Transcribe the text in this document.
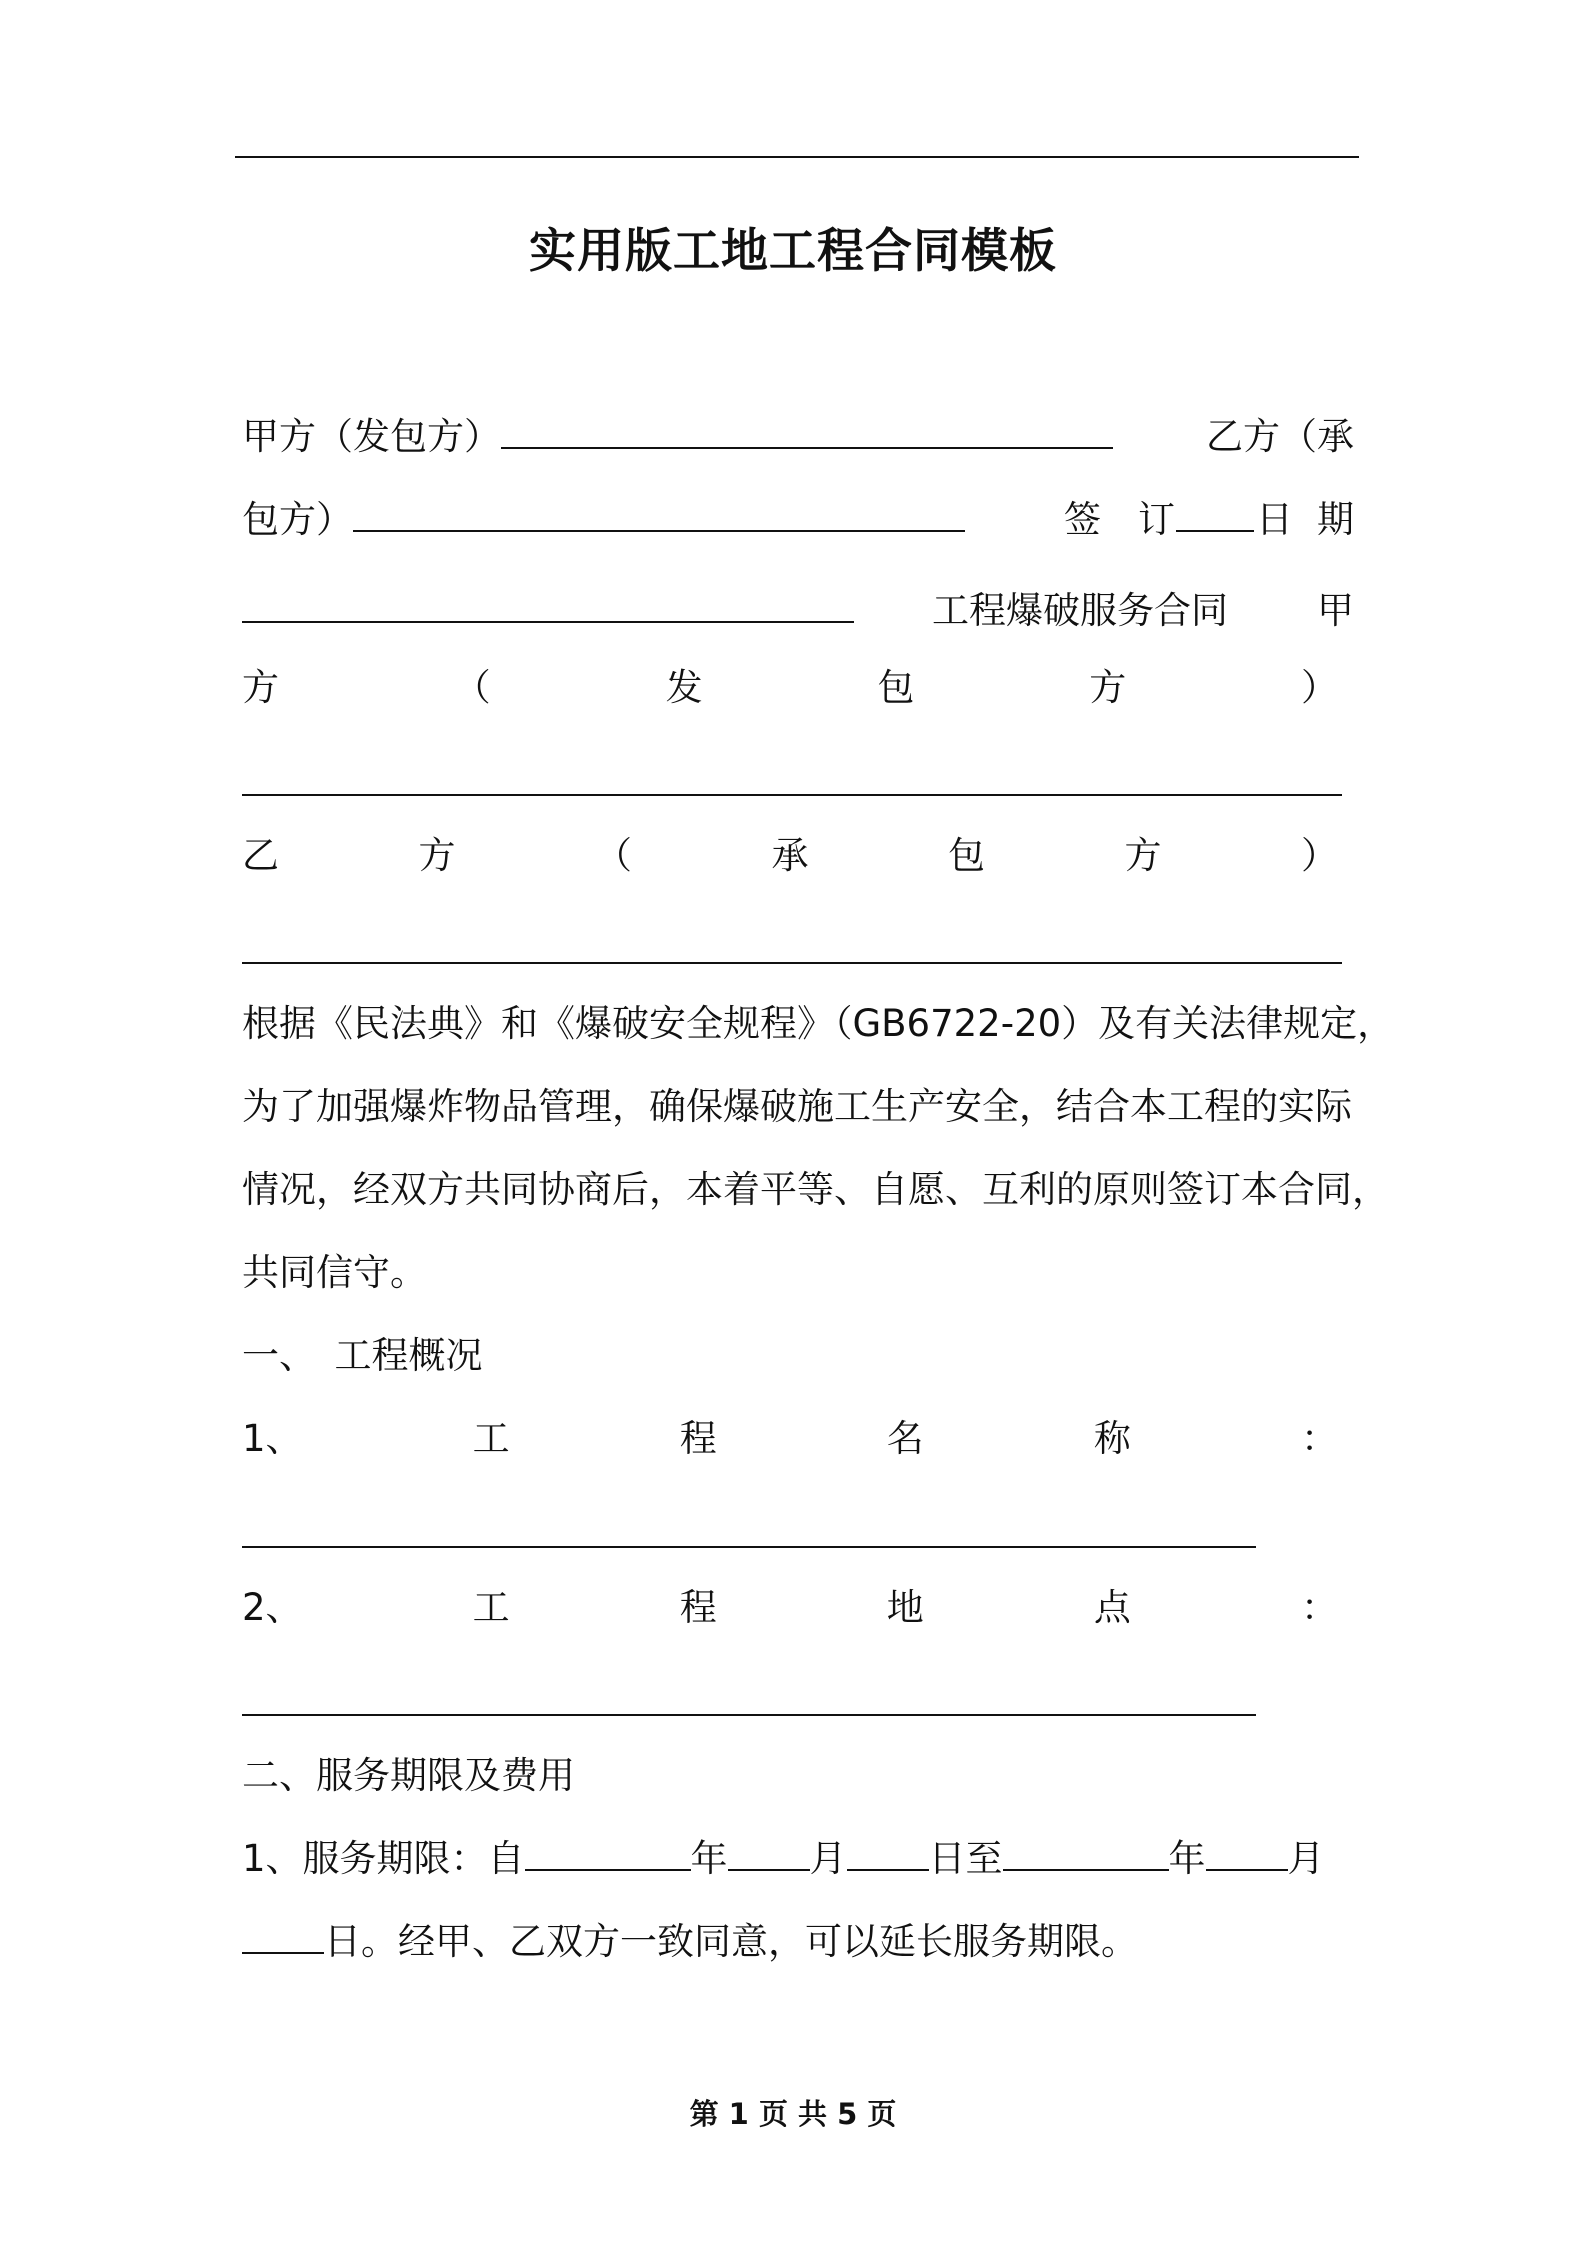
实用版工地工程合同模板
甲方（发包方）	乙方（承
包方）	签　订 日 期
工程爆破服务合同 甲
方	（	发	包	方	）
乙	方	（	承	包	方	）
根据《民法典》和《爆破安全规程》（GB6722-20）及有关法律规定，
为了加强爆炸物品管理，确保爆破施工生产安全，结合本工程的实际
情况，经双方共同协商后，本着平等、自愿、互利的原则签订本合同，
共同信守。
一、　工程概况
1、	工	程	名	称	：
2、	工	程	地	点	：
二、服务期限及费用
1、服务期限：自	年 月 日至	年 月
日。经甲、乙双方一致同意，可以延长服务期限。
第 1 页 共 5 页
